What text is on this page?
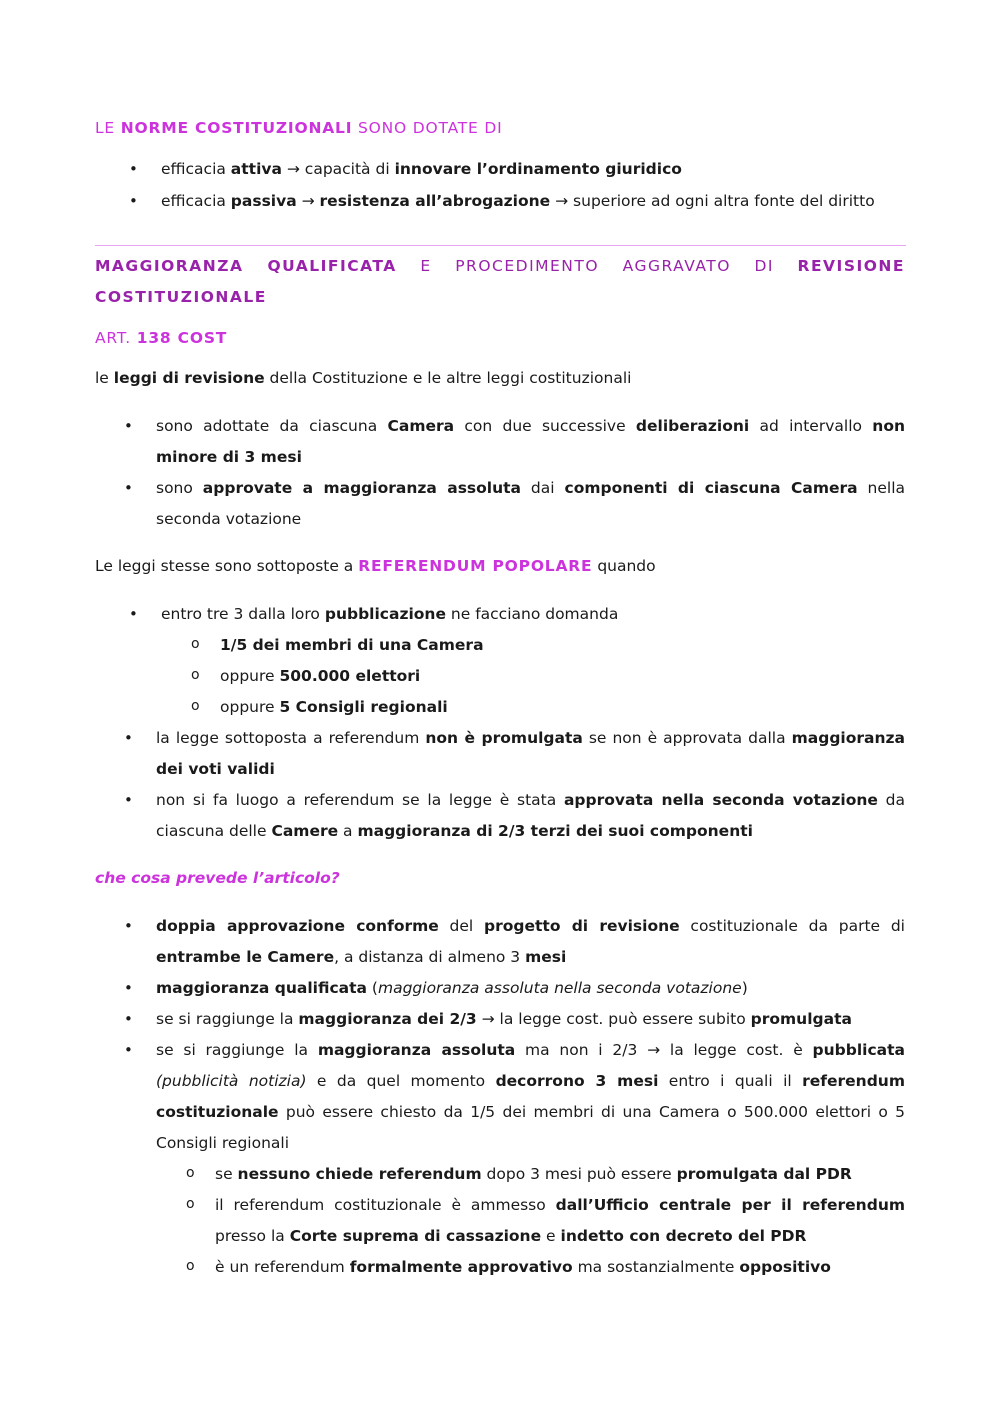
LE NORME COSTITUZIONALI SONO DOTATE DI

• efficacia attiva → capacità di innovare l’ordinamento giuridico
• efficacia passiva → resistenza all’abrogazione → superiore ad ogni altra fonte del diritto

MAGGIORANZA QUALIFICATA E PROCEDIMENTO AGGRAVATO DI REVISIONE

COSTITUZIONALE

ART. 138 COST

le leggi di revisione della Costituzione e le altre leggi costituzionali

• sono adottate da ciascuna Camera con due successive deliberazioni ad intervallo non minore di 3 mesi
• sono approvate a maggioranza assoluta dai componenti di ciascuna Camera nella seconda votazione

Le leggi stesse sono sottoposte a REFERENDUM POPOLARE quando

• entro tre 3 dalla loro pubblicazione ne facciano domanda
o 1/5 dei membri di una Camera
o oppure 500.000 elettori
o oppure 5 Consigli regionali
• la legge sottoposta a referendum non è promulgata se non è approvata dalla maggioranza dei voti validi
• non si fa luogo a referendum se la legge è stata approvata nella seconda votazione da ciascuna delle Camere a maggioranza di 2/3 terzi dei suoi componenti

che cosa prevede l’articolo?

• doppia approvazione conforme del progetto di revisione costituzionale da parte di entrambe le Camere, a distanza di almeno 3 mesi
• maggioranza qualificata (maggioranza assoluta nella seconda votazione)
• se si raggiunge la maggioranza dei 2/3 → la legge cost. può essere subito promulgata
• se si raggiunge la maggioranza assoluta ma non i 2/3 → la legge cost. è pubblicata (pubblicità notizia) e da quel momento decorrono 3 mesi entro i quali il referendum costituzionale può essere chiesto da 1/5 dei membri di una Camera o 500.000 elettori o 5 Consigli regionali
o se nessuno chiede referendum dopo 3 mesi può essere promulgata dal PDR
o il referendum costituzionale è ammesso dall’Ufficio centrale per il referendum presso la Corte suprema di cassazione e indetto con decreto del PDR
o è un referendum formalmente approvativo ma sostanzialmente oppositivo
